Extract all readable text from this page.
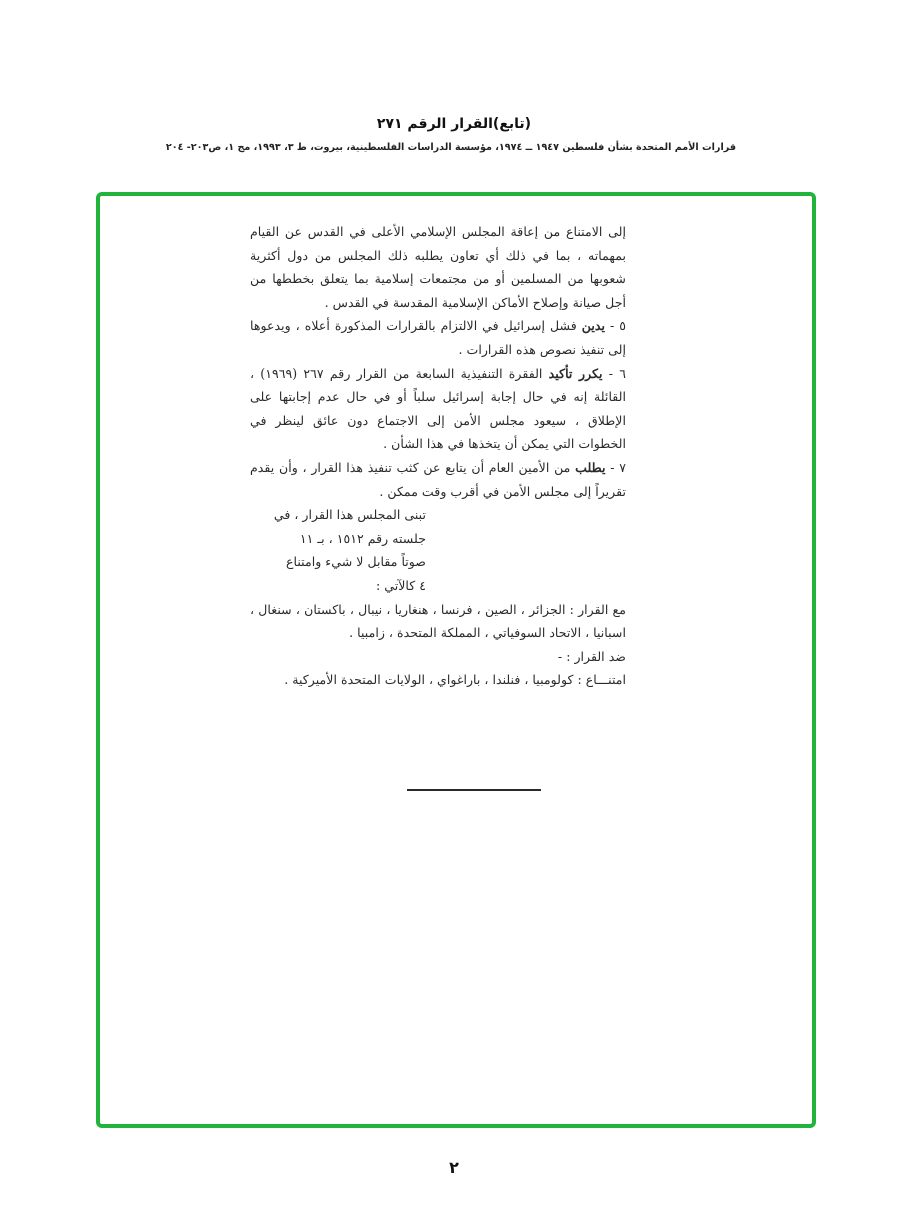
(تابع)القرار الرقم ٢٧١
قرارات الأمم المتحدة بشأن فلسطين ١٩٤٧ ــ ١٩٧٤، مؤسسة الدراسات الفلسطينية، بيروت، ط ٣، ١٩٩٣، مج ١، ص٢٠٣- ٢٠٤

إلى الامتناع من إعاقة المجلس الإسلامي الأعلى في القدس عن القيام بمهماته ، بما في ذلك أي تعاون يطلبه ذلك المجلس من دول أكثرية شعوبها من المسلمين أو من مجتمعات إسلامية بما يتعلق بخططها من أجل صيانة وإصلاح الأماكن الإسلامية المقدسة في القدس .

٥ - يدين فشل إسرائيل في الالتزام بالقرارات المذكورة أعلاه ، ويدعوها إلى تنفيذ نصوص هذه القرارات .

٦ - يكرر تأكيد الفقرة التنفيذية السابعة من القرار رقم ٢٦٧ (١٩٦٩) ، القائلة إنه في حال إجابة إسرائيل سلباً أو في حال عدم إجابتها على الإطلاق ، سيعود مجلس الأمن إلى الاجتماع دون عائق لينظر في الخطوات التي يمكن أن يتخذها في هذا الشأن .

٧ - يطلب من الأمين العام أن يتابع عن كثب تنفيذ هذا القرار ، وأن يقدم تقريراً إلى مجلس الأمن في أقرب وقت ممكن .

تبنى المجلس هذا القرار ، في
جلسته رقم ١٥١٢ ، بـ ١١
صوتاً مقابل لا شيء وامتناع
٤ كالآتي :

مع القرار : الجزائر ، الصين ، فرنسا ، هنغاريا ، نيبال ، باكستان ، سنغال ، اسبانيا ، الاتحاد السوفياتي ، المملكة المتحدة ، زامبيا .

ضد القرار : -

امتنـــاع : كولومبيا ، فنلندا ، باراغواي ، الولايات المتحدة الأميركية .

٢
